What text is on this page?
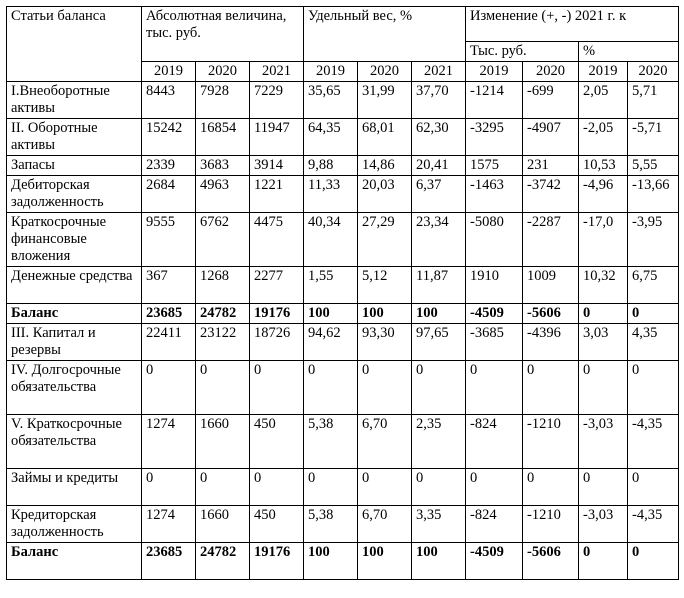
Статьи баланса	Абсолютная величина, тыс. руб.			Удельный вес, %			Изменение (+, -) 2021 г. к			
							Тыс. руб.		%	
	2019	2020	2021	2019	2020	2021	2019	2020	2019	2020
I.Внеоборотные активы	8443	7928	7229	35,65	31,99	37,70	-1214	-699	2,05	5,71
II. Оборотные активы	15242	16854	11947	64,35	68,01	62,30	-3295	-4907	-2,05	-5,71
Запасы	2339	3683	3914	9,88	14,86	20,41	1575	231	10,53	5,55
Дебиторская задолженность	2684	4963	1221	11,33	20,03	6,37	-1463	-3742	-4,96	-13,66
Краткосрочные финансовые вложения	9555	6762	4475	40,34	27,29	23,34	-5080	-2287	-17,0	-3,95
Денежные средства	367	1268	2277	1,55	5,12	11,87	1910	1009	10,32	6,75
Баланс	23685	24782	19176	100	100	100	-4509	-5606	0	0
III. Капитал и резервы	22411	23122	18726	94,62	93,30	97,65	-3685	-4396	3,03	4,35
IV. Долгосрочные обязательства	0	0	0	0	0	0	0	0	0	0
V. Краткосрочные обязательства	1274	1660	450	5,38	6,70	2,35	-824	-1210	-3,03	-4,35
Займы и кредиты	0	0	0	0	0	0	0	0	0	0
Кредиторская задолженность	1274	1660	450	5,38	6,70	3,35	-824	-1210	-3,03	-4,35
Баланс	23685	24782	19176	100	100	100	-4509	-5606	0	0
